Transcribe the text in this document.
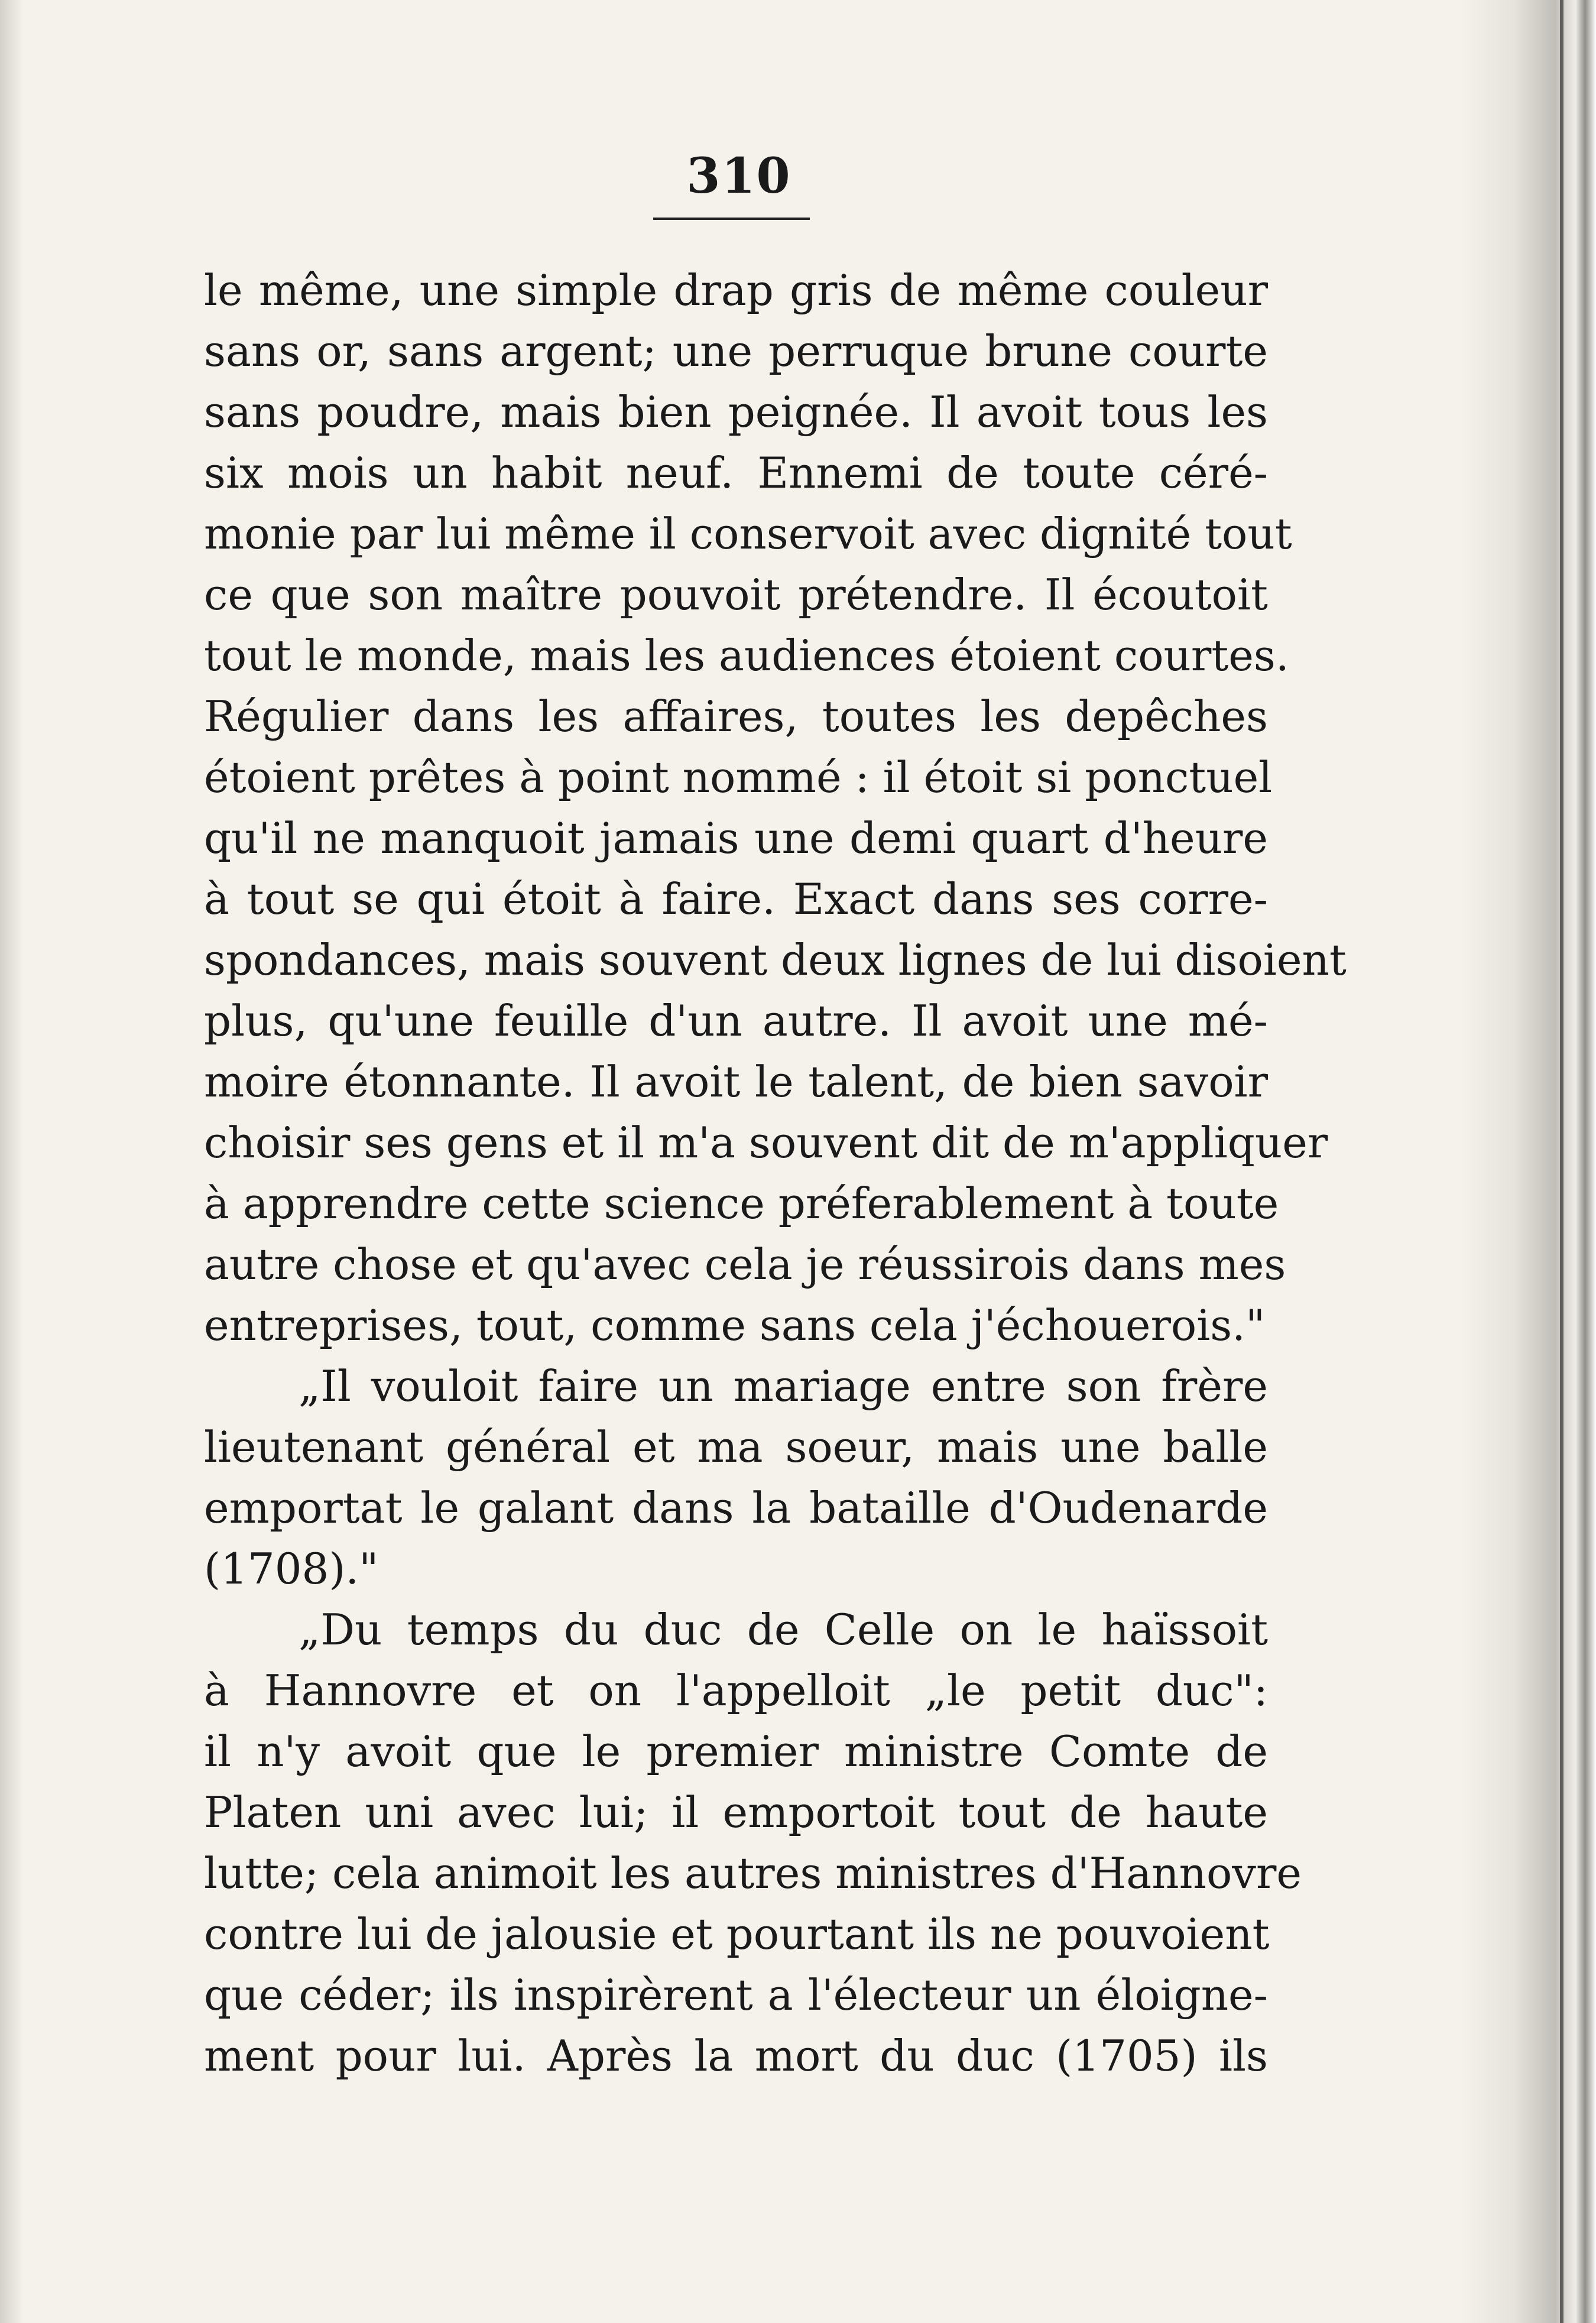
310
le même, une simple drap gris de même couleur
sans or, sans argent; une perruque brune courte
sans poudre, mais bien peignée. Il avoit tous les
six mois un habit neuf. Ennemi de toute céré-
monie par lui même il conservoit avec dignité tout
ce que son maître pouvoit prétendre. Il écoutoit
tout le monde, mais les audiences étoient courtes.
Régulier dans les affaires, toutes les depêches
étoient prêtes à point nommé : il étoit si ponctuel
qu'il ne manquoit jamais une demi quart d'heure
à tout se qui étoit à faire. Exact dans ses corre-
spondances, mais souvent deux lignes de lui disoient
plus, qu'une feuille d'un autre. Il avoit une mé-
moire étonnante. Il avoit le talent, de bien savoir
choisir ses gens et il m'a souvent dit de m'appliquer
à apprendre cette science préferablement à toute
autre chose et qu'avec cela je réussirois dans mes
entreprises, tout, comme sans cela j'échouerois."
„Il vouloit faire un mariage entre son frère
lieutenant général et ma soeur, mais une balle
emportat le galant dans la bataille d'Oudenarde
(1708)."
„Du temps du duc de Celle on le haïssoit
à Hannovre et on l'appelloit „le petit duc":
il n'y avoit que le premier ministre Comte de
Platen uni avec lui; il emportoit tout de haute
lutte; cela animoit les autres ministres d'Hannovre
contre lui de jalousie et pourtant ils ne pouvoient
que céder; ils inspirèrent a l'électeur un éloigne-
ment pour lui. Après la mort du duc (1705) ils
